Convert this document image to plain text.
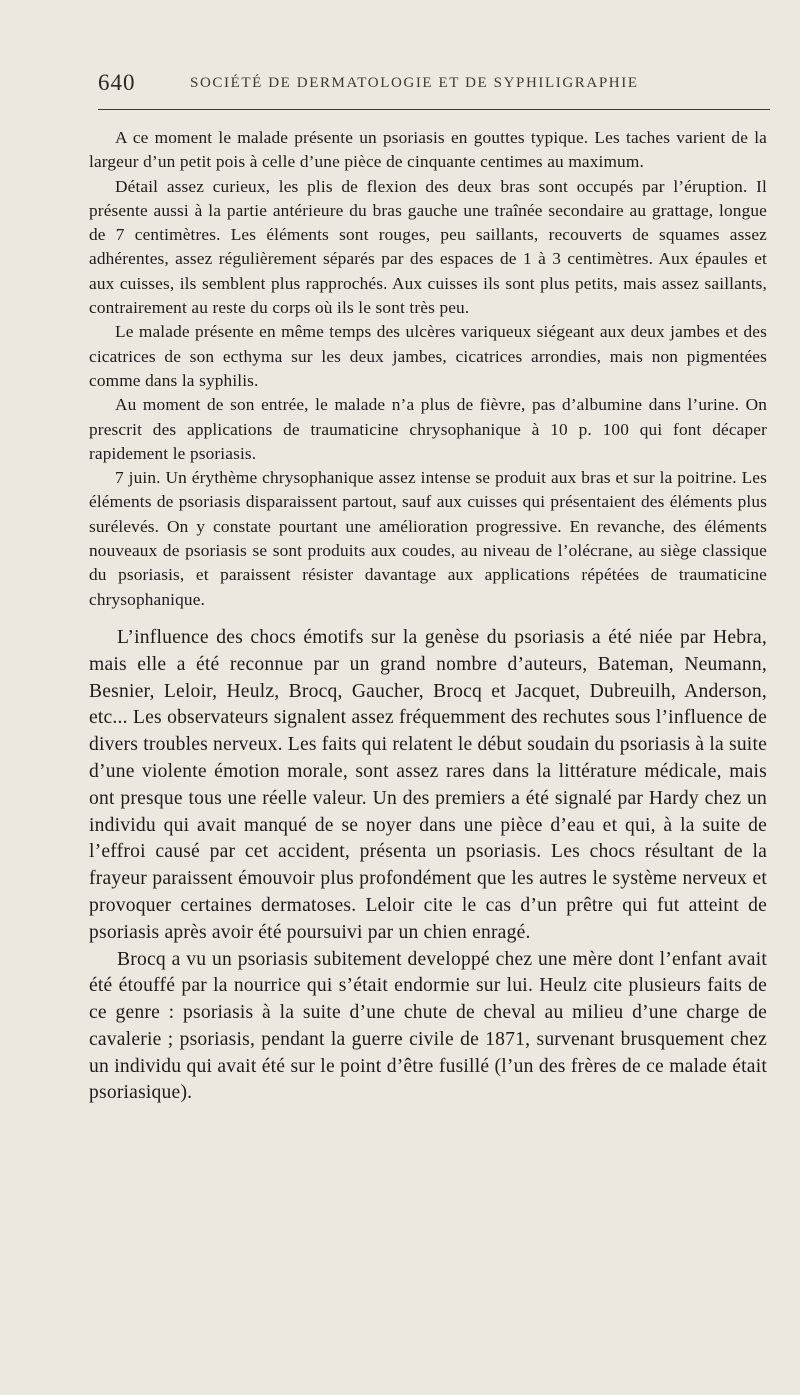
640	SOCIÉTÉ DE DERMATOLOGIE ET DE SYPHILIGRAPHIE

A ce moment le malade présente un psoriasis en gouttes typique. Les taches varient de la largeur d’un petit pois à celle d’une pièce de cinquante centimes au maximum.

Détail assez curieux, les plis de flexion des deux bras sont occupés par l’éruption. Il présente aussi à la partie antérieure du bras gauche une traînée secondaire au grattage, longue de 7 centimètres. Les éléments sont rouges, peu saillants, recouverts de squames assez adhérentes, assez régulièrement séparés par des espaces de 1 à 3 centimètres. Aux épaules et aux cuisses, ils semblent plus rapprochés. Aux cuisses ils sont plus petits, mais assez saillants, contrairement au reste du corps où ils le sont très peu.

Le malade présente en même temps des ulcères variqueux siégeant aux deux jambes et des cicatrices de son ecthyma sur les deux jambes, cicatrices arrondies, mais non pigmentées comme dans la syphilis.

Au moment de son entrée, le malade n’a plus de fièvre, pas d’albumine dans l’urine. On prescrit des applications de traumaticine chrysophanique à 10 p. 100 qui font décaper rapidement le psoriasis.

7 juin. Un érythème chrysophanique assez intense se produit aux bras et sur la poitrine. Les éléments de psoriasis disparaissent partout, sauf aux cuisses qui présentaient des éléments plus surélevés. On y constate pourtant une amélioration progressive. En revanche, des éléments nouveaux de psoriasis se sont produits aux coudes, au niveau de l’olécrane, au siège classique du psoriasis, et paraissent résister davantage aux applications répétées de traumaticine chrysophanique.

L’influence des chocs émotifs sur la genèse du psoriasis a été niée par Hebra, mais elle a été reconnue par un grand nombre d’auteurs, Bateman, Neumann, Besnier, Leloir, Heulz, Brocq, Gaucher, Brocq et Jacquet, Dubreuilh, Anderson, etc... Les observateurs signalent assez fréquemment des rechutes sous l’influence de divers troubles nerveux. Les faits qui relatent le début soudain du psoriasis à la suite d’une violente émotion morale, sont assez rares dans la littérature médicale, mais ont presque tous une réelle valeur. Un des premiers a été signalé par Hardy chez un individu qui avait manqué de se noyer dans une pièce d’eau et qui, à la suite de l’effroi causé par cet accident, présenta un psoriasis. Les chocs résultant de la frayeur paraissent émouvoir plus profondément que les autres le système nerveux et provoquer certaines dermatoses. Leloir cite le cas d’un prêtre qui fut atteint de psoriasis après avoir été poursuivi par un chien enragé.

Brocq a vu un psoriasis subitement developpé chez une mère dont l’enfant avait été étouffé par la nourrice qui s’était endormie sur lui. Heulz cite plusieurs faits de ce genre : psoriasis à la suite d’une chute de cheval au milieu d’une charge de cavalerie ; psoriasis, pendant la guerre civile de 1871, survenant brusquement chez un individu qui avait été sur le point d’être fusillé (l’un des frères de ce malade était psoriasique).
